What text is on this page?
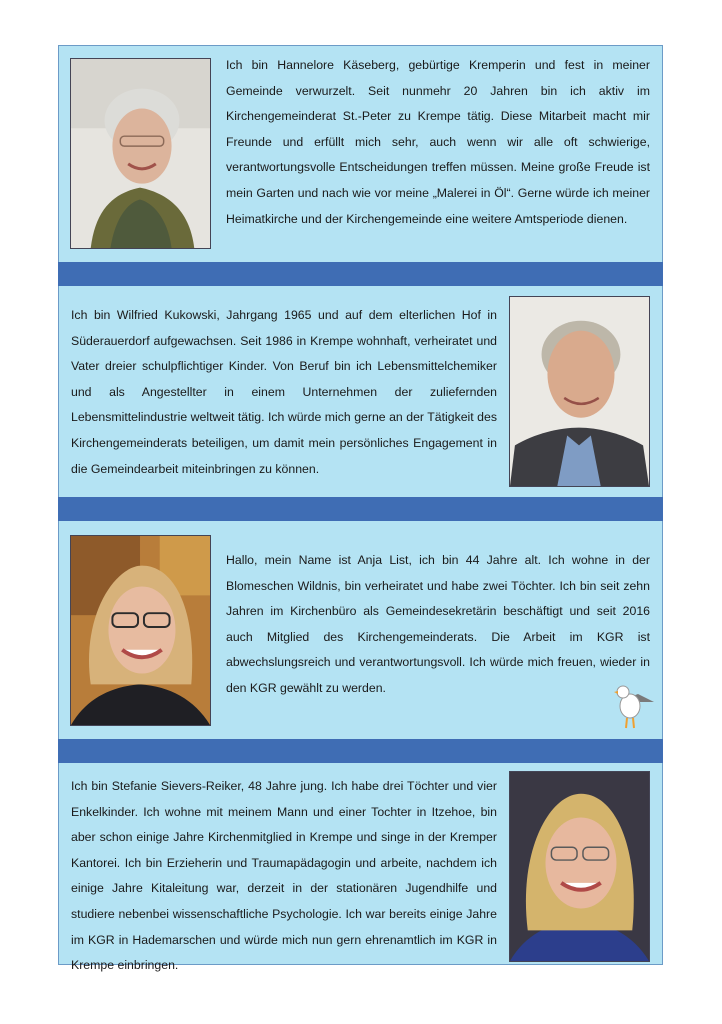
Ich bin Hannelore Käseberg, gebürtige Kremperin und fest in meiner Gemeinde verwurzelt. Seit nunmehr 20 Jahren bin ich aktiv im Kirchengemeinderat St.-Peter zu Krempe tätig. Diese Mitarbeit macht mir Freunde und erfüllt mich sehr, auch wenn wir alle oft schwierige, verantwortungsvolle Entscheidungen treffen müssen. Meine große Freude ist mein Garten und nach wie vor meine „Malerei in Öl“. Gerne würde ich meiner Heimatkirche und der Kirchengemeinde eine weitere Amtsperiode dienen.
Ich bin Wilfried Kukowski, Jahrgang 1965 und auf dem elterlichen Hof in Süderauerdorf aufgewachsen. Seit 1986 in Krempe wohnhaft, verheiratet und Vater dreier schulpflichtiger Kinder. Von Beruf bin ich Lebensmittelchemiker und als Angestellter in einem Unternehmen der zuliefernden Lebensmittelindustrie weltweit tätig. Ich würde mich gerne an der Tätigkeit des Kirchengemeinderats beteiligen, um damit mein persönliches Engagement in die Gemeindearbeit miteinbringen zu können.
Hallo, mein Name ist Anja List, ich bin 44 Jahre alt. Ich wohne in der Blomeschen Wildnis, bin verheiratet und habe zwei Töchter. Ich bin seit zehn Jahren im Kirchenbüro als Gemeindesekretärin beschäftigt und seit 2016 auch Mitglied des Kirchengemeinderats. Die Arbeit im KGR ist abwechslungsreich und verantwortungsvoll. Ich würde mich freuen, wieder in den KGR gewählt zu werden.
Ich bin Stefanie Sievers-Reiker, 48 Jahre jung. Ich habe drei Töchter und vier Enkelkinder. Ich wohne mit meinem Mann und einer Tochter in Itzehoe, bin aber schon einige Jahre Kirchenmitglied in Krempe und singe in der Kremper Kantorei. Ich bin Erzieherin und Traumapädagogin und arbeite, nachdem ich einige Jahre Kitaleitung war, derzeit in der stationären Jugendhilfe und studiere nebenbei wissenschaftliche Psychologie. Ich war bereits einige Jahre im KGR in Hademarschen und würde mich nun gern ehrenamtlich im KGR in Krempe einbringen.
